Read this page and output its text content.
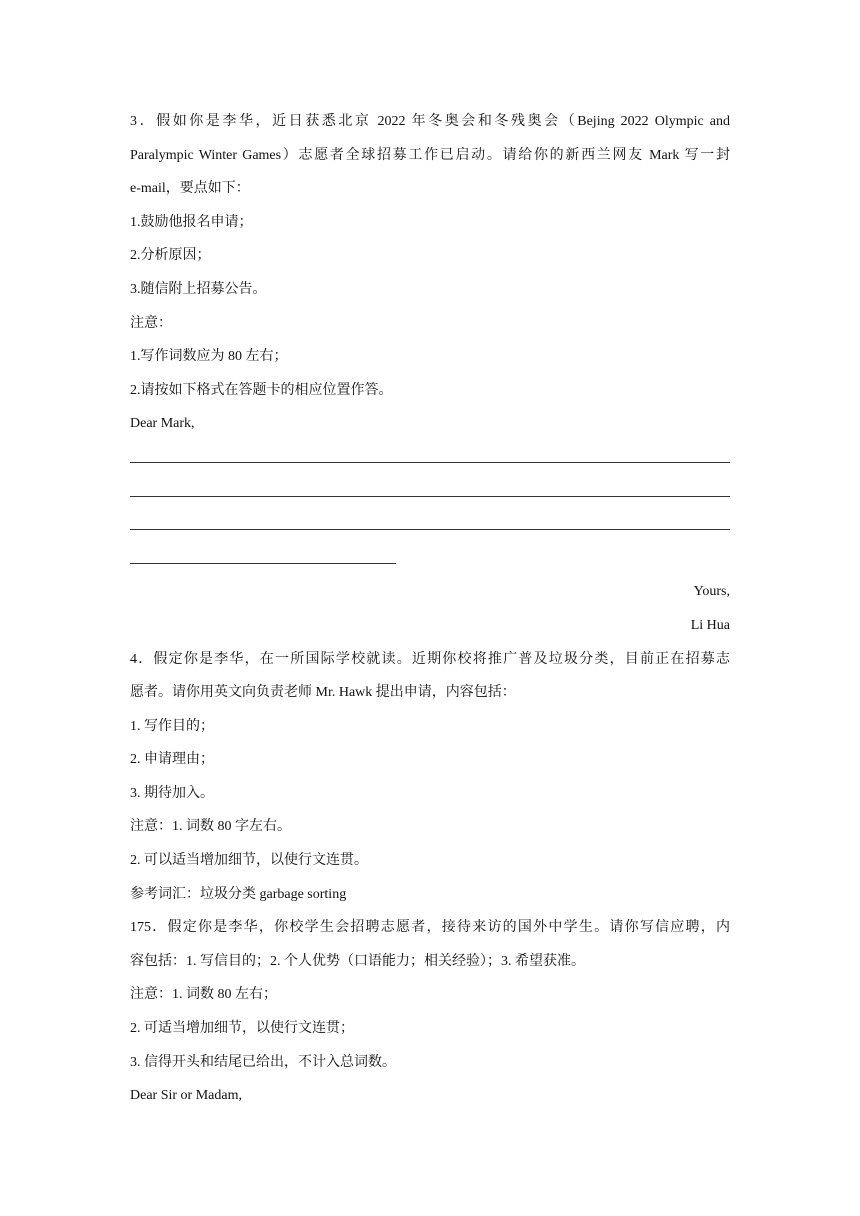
3．假如你是李华，近日获悉北京 2022 年冬奥会和冬残奥会（Bejing 2022 Olympic and
Paralympic Winter Games）志愿者全球招募工作已启动。请给你的新西兰网友 Mark 写一封
e-mail，要点如下：
1.鼓励他报名申请；
2.分析原因；
3.随信附上招募公告。
注意：
1.写作词数应为 80 左右；
2.请按如下格式在答题卡的相应位置作答。
Dear Mark,
Yours,
Li Hua
4．假定你是李华，在一所国际学校就读。近期你校将推广普及垃圾分类，目前正在招募志
愿者。请你用英文向负责老师 Mr. Hawk 提出申请，内容包括：
1. 写作目的；
2. 申请理由；
3. 期待加入。
注意：1. 词数 80 字左右。
2. 可以适当增加细节，以使行文连贯。
参考词汇：垃圾分类 garbage sorting
175．假定你是李华，你校学生会招聘志愿者，接待来访的国外中学生。请你写信应聘，内
容包括：1. 写信目的；2. 个人优势（口语能力；相关经验）；3. 希望获准。
注意：1. 词数 80 左右；
2. 可适当增加细节，以使行文连贯；
3. 信得开头和结尾已给出，不计入总词数。
Dear Sir or Madam,
